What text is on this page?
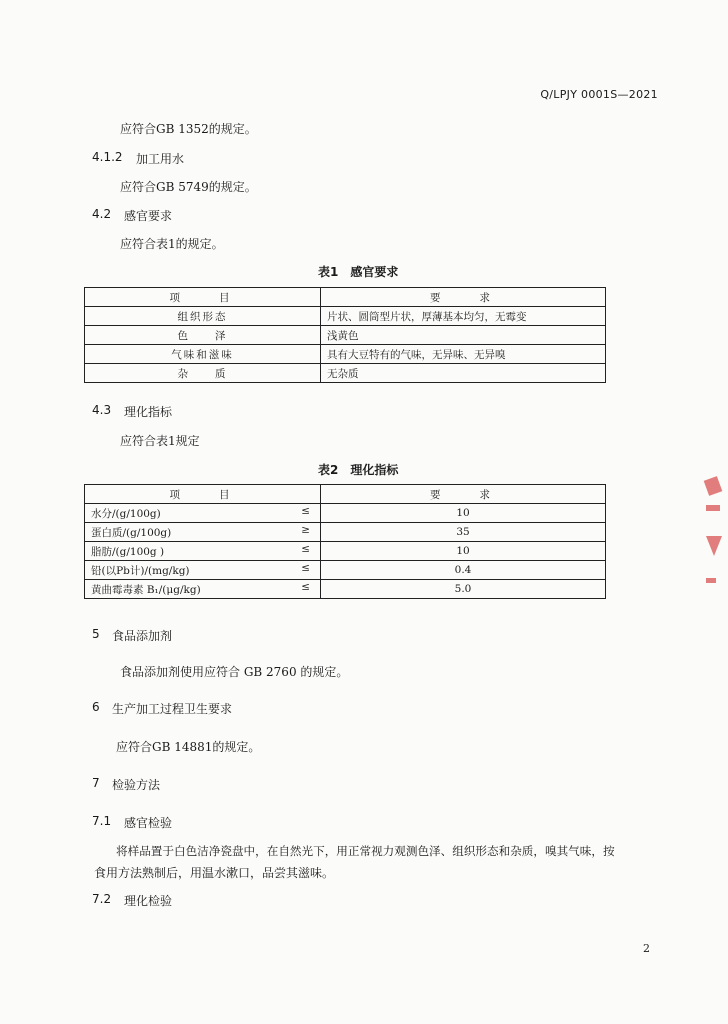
Q/LPJY 0001S—2021
应符合GB 1352的规定。
4.1.2 加工用水
应符合GB 5749的规定。
4.2 感官要求
应符合表1的规定。
表1　感官要求
项　　目	要　　求
组织形态	片状、圆筒型片状，厚薄基本均匀，无霉变
色　　泽	浅黄色
气味和滋味	具有大豆特有的气味，无异味、无异嗅
杂　　质	无杂质
4.3 理化指标
应符合表1规定
表2　理化指标
项　　目	要　　求
水分/(g/100g) ≤	10
蛋白质/(g/100g) ≥	35
脂肪/(g/100g ) ≤	10
铅(以Pb计)/(mg/kg) ≤	0.4
黄曲霉毒素 B₁/(μg/kg) ≤	5.0
5 食品添加剂
食品添加剂使用应符合 GB 2760 的规定。
6 生产加工过程卫生要求
应符合GB 14881的规定。
7 检验方法
7.1 感官检验
将样品置于白色洁净瓷盘中，在自然光下，用正常视力观测色泽、组织形态和杂质，嗅其气味，按
食用方法熟制后，用温水漱口，品尝其滋味。
7.2 理化检验
2
